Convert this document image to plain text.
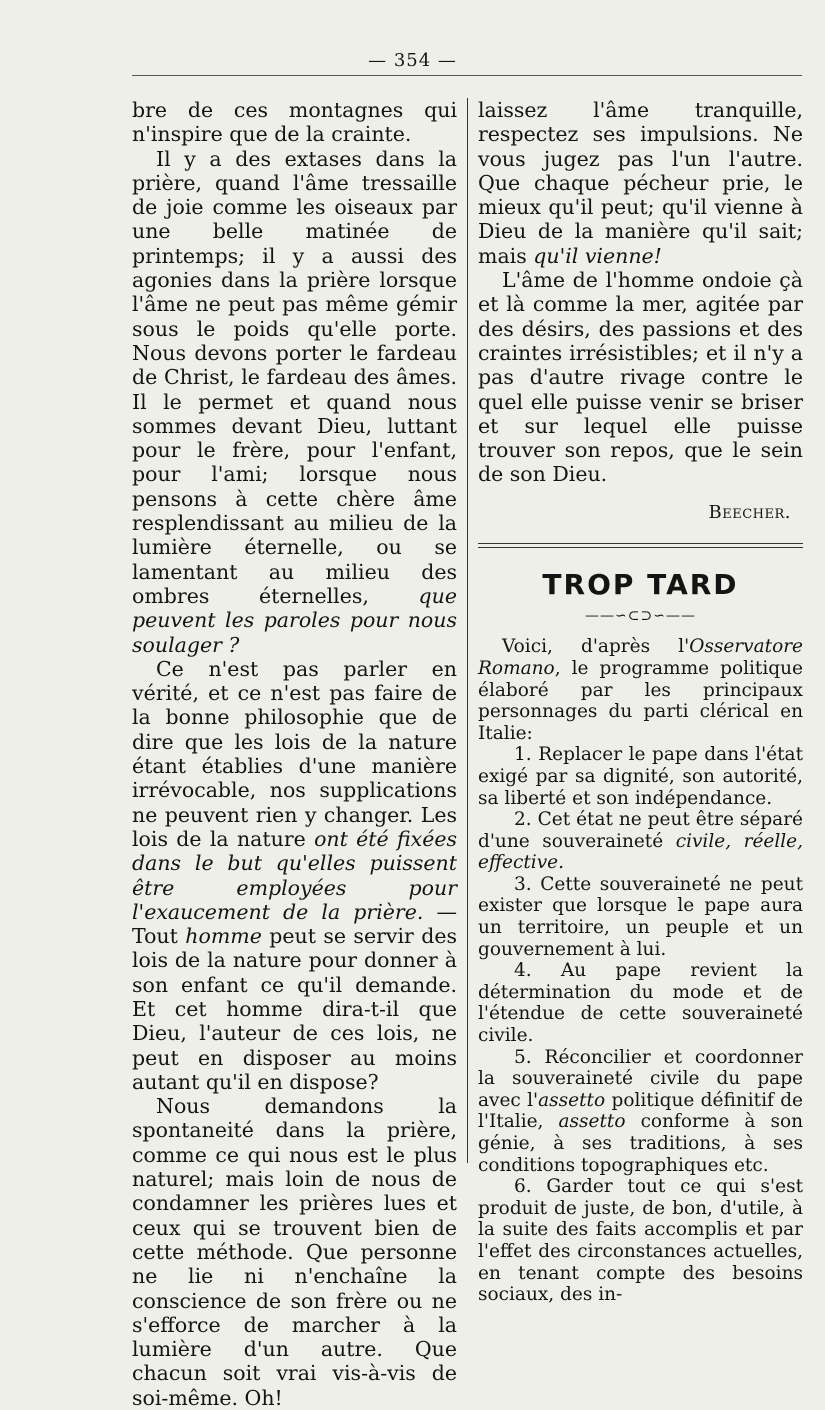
— 354 —

bre de ces montagnes qui n'inspire que de la crainte.

Il y a des extases dans la prière, quand l'âme tressaille de joie comme les oiseaux par une belle matinée de printemps; il y a aussi des agonies dans la prière lorsque l'âme ne peut pas même gémir sous le poids qu'elle porte. Nous devons porter le fardeau de Christ, le fardeau des âmes. Il le permet et quand nous sommes devant Dieu, luttant pour le frère, pour l'enfant, pour l'ami; lorsque nous pensons à cette chère âme resplendissant au milieu de la lumière éternelle, ou se lamentant au milieu des ombres éternelles, que peuvent les paroles pour nous soulager ?

Ce n'est pas parler en vérité, et ce n'est pas faire de la bonne philosophie que de dire que les lois de la nature étant établies d'une manière irrévocable, nos supplications ne peuvent rien y changer. Les lois de la nature ont été fixées dans le but qu'elles puissent être employées pour l'exaucement de la prière. — Tout homme peut se servir des lois de la nature pour donner à son enfant ce qu'il demande. Et cet homme dira-t-il que Dieu, l'auteur de ces lois, ne peut en disposer au moins autant qu'il en dispose?

Nous demandons la spontaneité dans la prière, comme ce qui nous est le plus naturel; mais loin de nous de condamner les prières lues et ceux qui se trouvent bien de cette méthode. Que personne ne lie ni n'enchaîne la conscience de son frère ou ne s'efforce de marcher à la lumière d'un autre. Que chacun soit vrai vis-à-vis de soi-même. Oh!

laissez l'âme tranquille, respectez ses impulsions. Ne vous jugez pas l'un l'autre. Que chaque pécheur prie, le mieux qu'il peut; qu'il vienne à Dieu de la manière qu'il sait; mais qu'il vienne!

L'âme de l'homme ondoie çà et là comme la mer, agitée par des désirs, des passions et des craintes irrésistibles; et il n'y a pas d'autre rivage contre le quel elle puisse venir se briser et sur lequel elle puisse trouver son repos, que le sein de son Dieu.

Beecher.
TROP TARD
——∽⊂⊃∽——

Voici, d'après l'Osservatore Romano, le programme politique élaboré par les principaux personnages du parti clérical en Italie:

1. Replacer le pape dans l'état exigé par sa dignité, son autorité, sa liberté et son indépendance.

2. Cet état ne peut être séparé d'une souveraineté civile, réelle, effective.

3. Cette souveraineté ne peut exister que lorsque le pape aura un territoire, un peuple et un gouvernement à lui.

4. Au pape revient la détermination du mode et de l'étendue de cette souveraineté civile.

5. Réconcilier et coordonner la souveraineté civile du pape avec l'assetto politique définitif de l'Italie, assetto conforme à son génie, à ses traditions, à ses conditions topographiques etc.

6. Garder tout ce qui s'est produit de juste, de bon, d'utile, à la suite des faits accomplis et par l'effet des circonstances actuelles, en tenant compte des besoins sociaux, des in-
